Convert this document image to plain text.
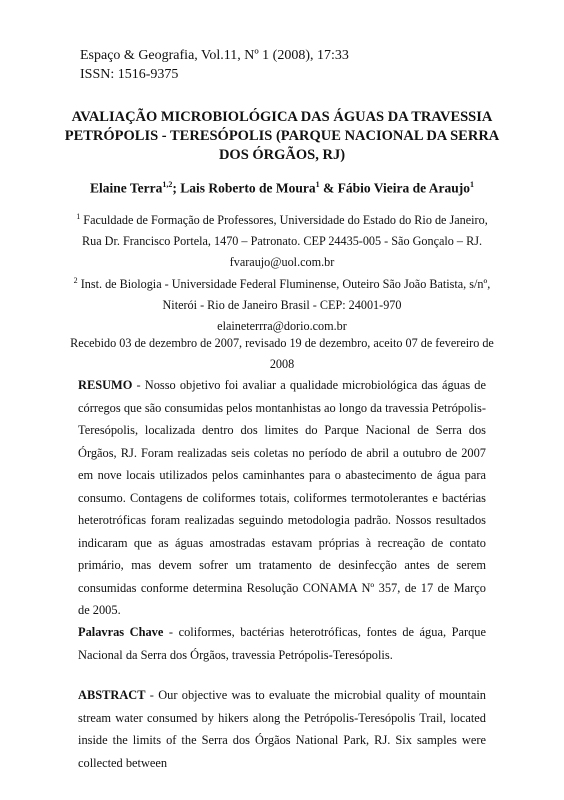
Espaço & Geografia, Vol.11, Nº 1 (2008), 17:33
ISSN: 1516-9375
AVALIAÇÃO MICROBIOLÓGICA DAS ÁGUAS DA TRAVESSIA PETRÓPOLIS - TERESÓPOLIS (PARQUE NACIONAL DA SERRA DOS ÓRGÃOS, RJ)
Elaine Terra$^{1,2}$; Lais Roberto de Moura$^1$ & Fábio Vieira de Araujo$^1$
$^1$ Faculdade de Formação de Professores, Universidade do Estado do Rio de Janeiro,
Rua Dr. Francisco Portela, 1470 – Patronato. CEP 24435-005 - São Gonçalo – RJ.
fvaraujo@uol.com.br
$^2$ Inst. de Biologia - Universidade Federal Fluminense, Outeiro São João Batista, s/nº,
Niterói - Rio de Janeiro Brasil - CEP: 24001-970
elaineterrra@dorio.com.br
Recebido 03 de dezembro de 2007, revisado 19 de dezembro, aceito 07 de fevereiro de
2008
RESUMO - Nosso objetivo foi avaliar a qualidade microbiológica das águas de córregos que são consumidas pelos montanhistas ao longo da travessia Petrópolis-Teresópolis, localizada dentro dos limites do Parque Nacional de Serra dos Órgãos, RJ. Foram realizadas seis coletas no período de abril a outubro de 2007 em nove locais utilizados pelos caminhantes para o abastecimento de água para consumo. Contagens de coliformes totais, coliformes termotolerantes e bactérias heterotróficas foram realizadas seguindo metodologia padrão. Nossos resultados indicaram que as águas amostradas estavam próprias à recreação de contato primário, mas devem sofrer um tratamento de desinfecção antes de serem consumidas conforme determina Resolução CONAMA Nº 357, de 17 de Março de 2005.
Palavras Chave - coliformes, bactérias heterotróficas, fontes de água, Parque Nacional da Serra dos Órgãos, travessia Petrópolis-Teresópolis.
ABSTRACT - Our objective was to evaluate the microbial quality of mountain stream water consumed by hikers along the Petrópolis-Teresópolis Trail, located inside the limits of the Serra dos Órgãos National Park, RJ. Six samples were collected between
